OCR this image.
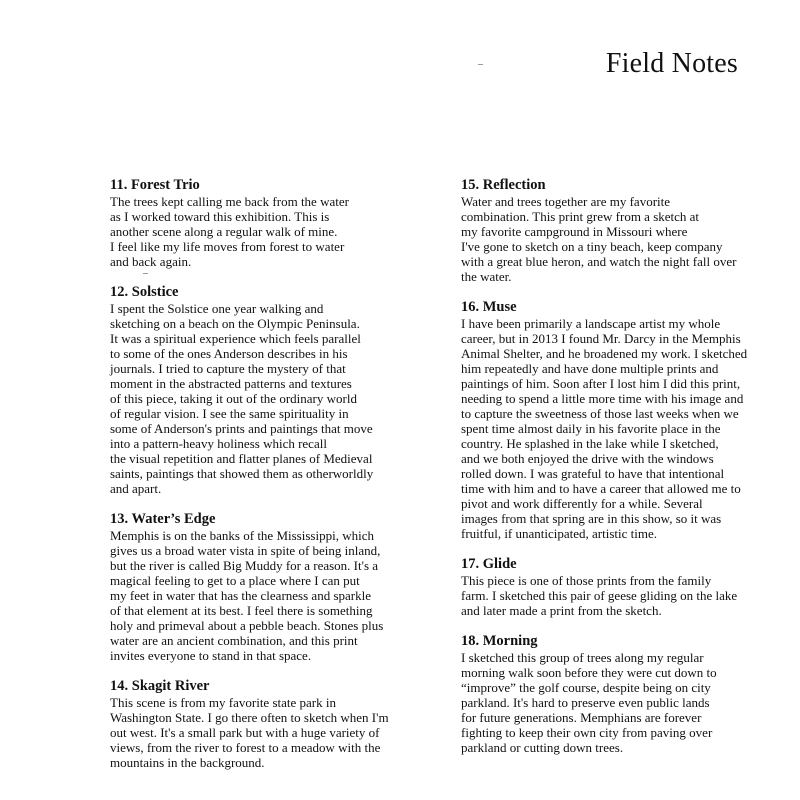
Field Notes
11. Forest Trio
The trees kept calling me back from the water
as I worked toward this exhibition. This is
another scene along a regular walk of mine.
I feel like my life moves from forest to water
and back again.
12. Solstice
I spent the Solstice one year walking and
sketching on a beach on the Olympic Peninsula.
It was a spiritual experience which feels parallel
to some of the ones Anderson describes in his
journals. I tried to capture the mystery of that
moment in the abstracted patterns and textures
of this piece, taking it out of the ordinary world
of regular vision. I see the same spirituality in
some of Anderson's prints and paintings that move
into a pattern-heavy holiness which recall
the visual repetition and flatter planes of Medieval
saints, paintings that showed them as otherworldly
and apart.
13. Water’s Edge
Memphis is on the banks of the Mississippi, which
gives us a broad water vista in spite of being inland,
but the river is called Big Muddy for a reason. It's a
magical feeling to get to a place where I can put
my feet in water that has the clearness and sparkle
of that element at its best. I feel there is something
holy and primeval about a pebble beach. Stones plus
water are an ancient combination, and this print
invites everyone to stand in that space.
14. Skagit River
This scene is from my favorite state park in
Washington State. I go there often to sketch when I'm
out west. It's a small park but with a huge variety of
views, from the river to forest to a meadow with the
mountains in the background.
15. Reflection
Water and trees together are my favorite
combination. This print grew from a sketch at
my favorite campground in Missouri where
I've gone to sketch on a tiny beach, keep company
with a great blue heron, and watch the night fall over
the water.
16. Muse
I have been primarily a landscape artist my whole
career, but in 2013 I found Mr. Darcy in the Memphis
Animal Shelter, and he broadened my work. I sketched
him repeatedly and have done multiple prints and
paintings of him. Soon after I lost him I did this print,
needing to spend a little more time with his image and
to capture the sweetness of those last weeks when we
spent time almost daily in his favorite place in the
country. He splashed in the lake while I sketched,
and we both enjoyed the drive with the windows
rolled down. I was grateful to have that intentional
time with him and to have a career that allowed me to
pivot and work differently for a while. Several
images from that spring are in this show, so it was
fruitful, if unanticipated, artistic time.
17. Glide
This piece is one of those prints from the family
farm. I sketched this pair of geese gliding on the lake
and later made a print from the sketch.
18. Morning
I sketched this group of trees along my regular
morning walk soon before they were cut down to
“improve” the golf course, despite being on city
parkland. It's hard to preserve even public lands
for future generations. Memphians are forever
fighting to keep their own city from paving over
parkland or cutting down trees.
